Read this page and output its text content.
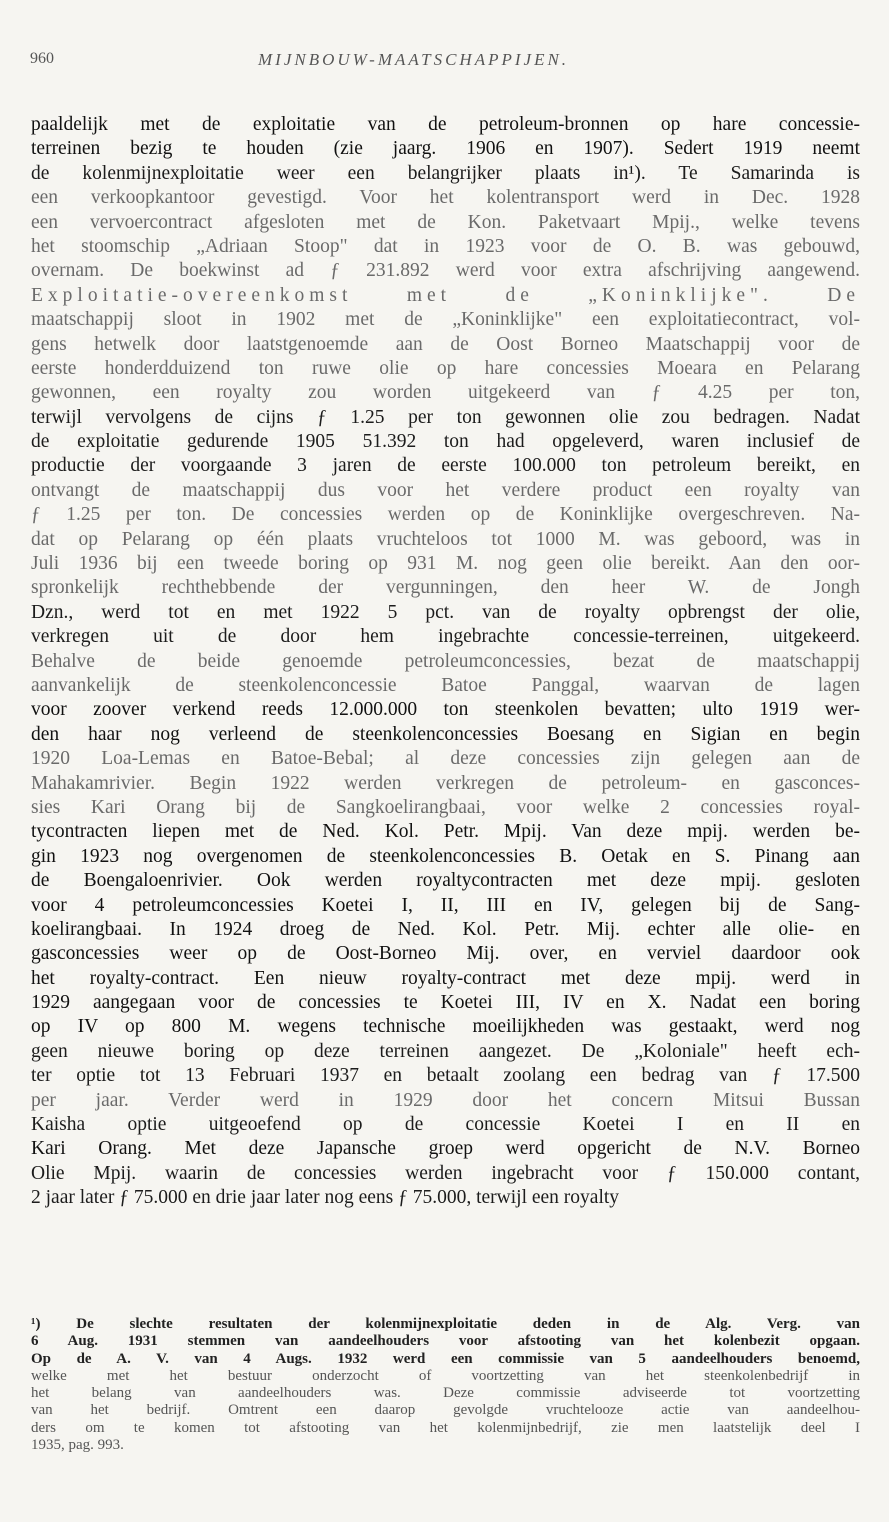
960	MIJNBOUW-MAATSCHAPPIJEN.
paaldelijk met de exploitatie van de petroleum-bronnen op hare concessie-
terreinen bezig te houden (zie jaarg. 1906 en 1907). Sedert 1919 neemt
de kolenmijnexploitatie weer een belangrijker plaats in¹). Te Samarinda is
een verkoopkantoor gevestigd. Voor het kolentransport werd in Dec. 1928
een vervoercontract afgesloten met de Kon. Paketvaart Mpij., welke tevens
het stoomschip „Adriaan Stoop" dat in 1923 voor de O. B. was gebouwd,
overnam. De boekwinst ad ƒ 231.892 werd voor extra afschrijving aangewend.
Exploitatie-overeenkomst met de „Koninklijke". De
maatschappij sloot in 1902 met de „Koninklijke" een exploitatiecontract, vol-
gens hetwelk door laatstgenoemde aan de Oost Borneo Maatschappij voor de
eerste honderdduizend ton ruwe olie op hare concessies Moeara en Pelarang
gewonnen, een royalty zou worden uitgekeerd van ƒ 4.25 per ton,
terwijl vervolgens de cijns ƒ 1.25 per ton gewonnen olie zou bedragen. Nadat
de exploitatie gedurende 1905 51.392 ton had opgeleverd, waren inclusief de
productie der voorgaande 3 jaren de eerste 100.000 ton petroleum bereikt, en
ontvangt de maatschappij dus voor het verdere product een royalty van
ƒ 1.25 per ton. De concessies werden op de Koninklijke overgeschreven. Na-
dat op Pelarang op één plaats vruchteloos tot 1000 M. was geboord, was in
Juli 1936 bij een tweede boring op 931 M. nog geen olie bereikt. Aan den oor-
spronkelijk rechthebbende der vergunningen, den heer W. de Jongh
Dzn., werd tot en met 1922 5 pct. van de royalty opbrengst der olie,
verkregen uit de door hem ingebrachte concessie-terreinen, uitgekeerd.
Behalve de beide genoemde petroleumconcessies, bezat de maatschappij
aanvankelijk de steenkolenconcessie Batoe Panggal, waarvan de lagen
voor zoover verkend reeds 12.000.000 ton steenkolen bevatten; ulto 1919 wer-
den haar nog verleend de steenkolenconcessies Boesang en Sigian en begin
1920 Loa-Lemas en Batoe-Bebal; al deze concessies zijn gelegen aan de
Mahakamrivier. Begin 1922 werden verkregen de petroleum- en gasconces-
sies Kari Orang bij de Sangkoelirangbaai, voor welke 2 concessies royal-
tycontracten liepen met de Ned. Kol. Petr. Mpij. Van deze mpij. werden be-
gin 1923 nog overgenomen de steenkolenconcessies B. Oetak en S. Pinang aan
de Boengaloenrivier. Ook werden royaltycontracten met deze mpij. gesloten
voor 4 petroleumconcessies Koetei I, II, III en IV, gelegen bij de Sang-
koelirangbaai. In 1924 droeg de Ned. Kol. Petr. Mij. echter alle olie- en
gasconcessies weer op de Oost-Borneo Mij. over, en verviel daardoor ook
het royalty-contract. Een nieuw royalty-contract met deze mpij. werd in
1929 aangegaan voor de concessies te Koetei III, IV en X. Nadat een boring
op IV op 800 M. wegens technische moeilijkheden was gestaakt, werd nog
geen nieuwe boring op deze terreinen aangezet. De „Koloniale" heeft ech-
ter optie tot 13 Februari 1937 en betaalt zoolang een bedrag van ƒ 17.500
per jaar. Verder werd in 1929 door het concern Mitsui Bussan
Kaisha optie uitgeoefend op de concessie Koetei I en II en
Kari Orang. Met deze Japansche groep werd opgericht de N.V. Borneo
Olie Mpij. waarin de concessies werden ingebracht voor ƒ 150.000 contant,
2 jaar later ƒ 75.000 en drie jaar later nog eens ƒ 75.000, terwijl een royalty
¹) De slechte resultaten der kolenmijnexploitatie deden in de Alg. Verg. van
6 Aug. 1931 stemmen van aandeelhouders voor afstooting van het kolenbezit opgaan.
Op de A. V. van 4 Augs. 1932 werd een commissie van 5 aandeelhouders benoemd,
welke met het bestuur onderzocht of voortzetting van het steenkolenbedrijf in
het belang van aandeelhouders was. Deze commissie adviseerde tot voortzetting
van het bedrijf. Omtrent een daarop gevolgde vruchtelooze actie van aandeelhou-
ders om te komen tot afstooting van het kolenmijnbedrijf, zie men laatstelijk deel I
1935, pag. 993.
